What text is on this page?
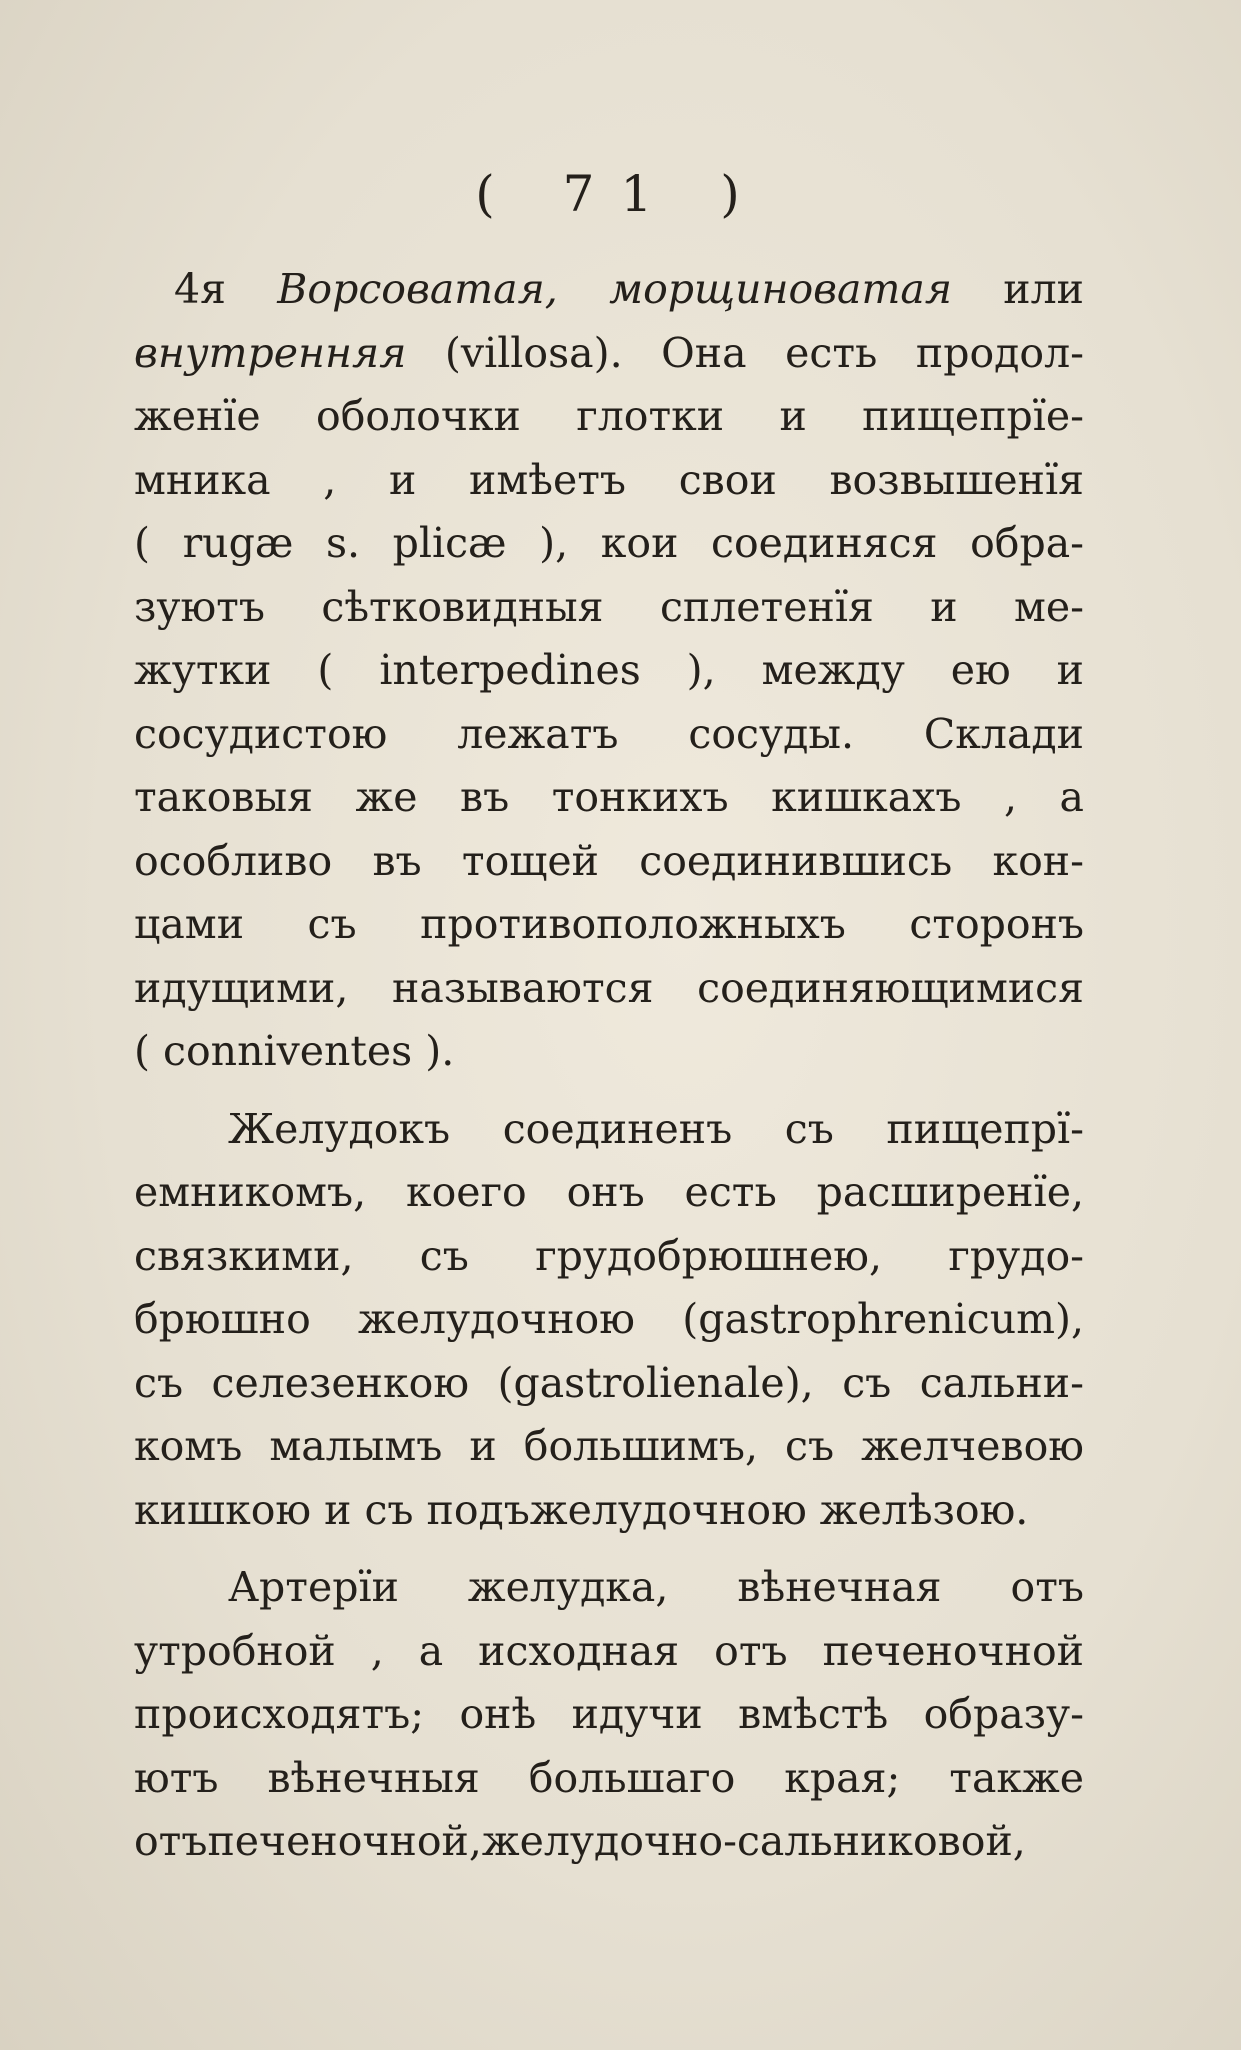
( 71 )
4я Ворсоватая, морщиноватая или
внутренняя (villosa). Она есть продол-
женїе оболочки глотки и пищепрїе-
мника , и имѣетъ свои возвышенїя
( rugæ s. plicæ ), кои соединяся обра-
зуютъ сѣтковидныя сплетенїя и ме-
жутки ( interpedines ), между ею и
сосудистою лежатъ сосуды. Склади
таковыя же въ тонкихъ кишкахъ , а
особливо въ тощей соединившись кон-
цами съ противоположныхъ сторонъ
идущими, называются соединяющимися
( conniventes ).
Желудокъ соединенъ съ пищепрї-
емникомъ, коего онъ есть расширенїе,
связкими, съ грудобрюшнею, грудо-
брюшно желудочною (gastrophrenicum),
съ селезенкою (gastrolienale), съ сальни-
комъ малымъ и большимъ, съ желчевою
кишкою и съ подъжелудочною желѣзою.
Артерїи желудка, вѣнечная отъ
утробной , а исходная отъ печеночной
происходятъ; онѣ идучи вмѣстѣ образу-
ютъ вѣнечныя большаго края; такжe
отъпеченочной,желудочно-сальниковой,
